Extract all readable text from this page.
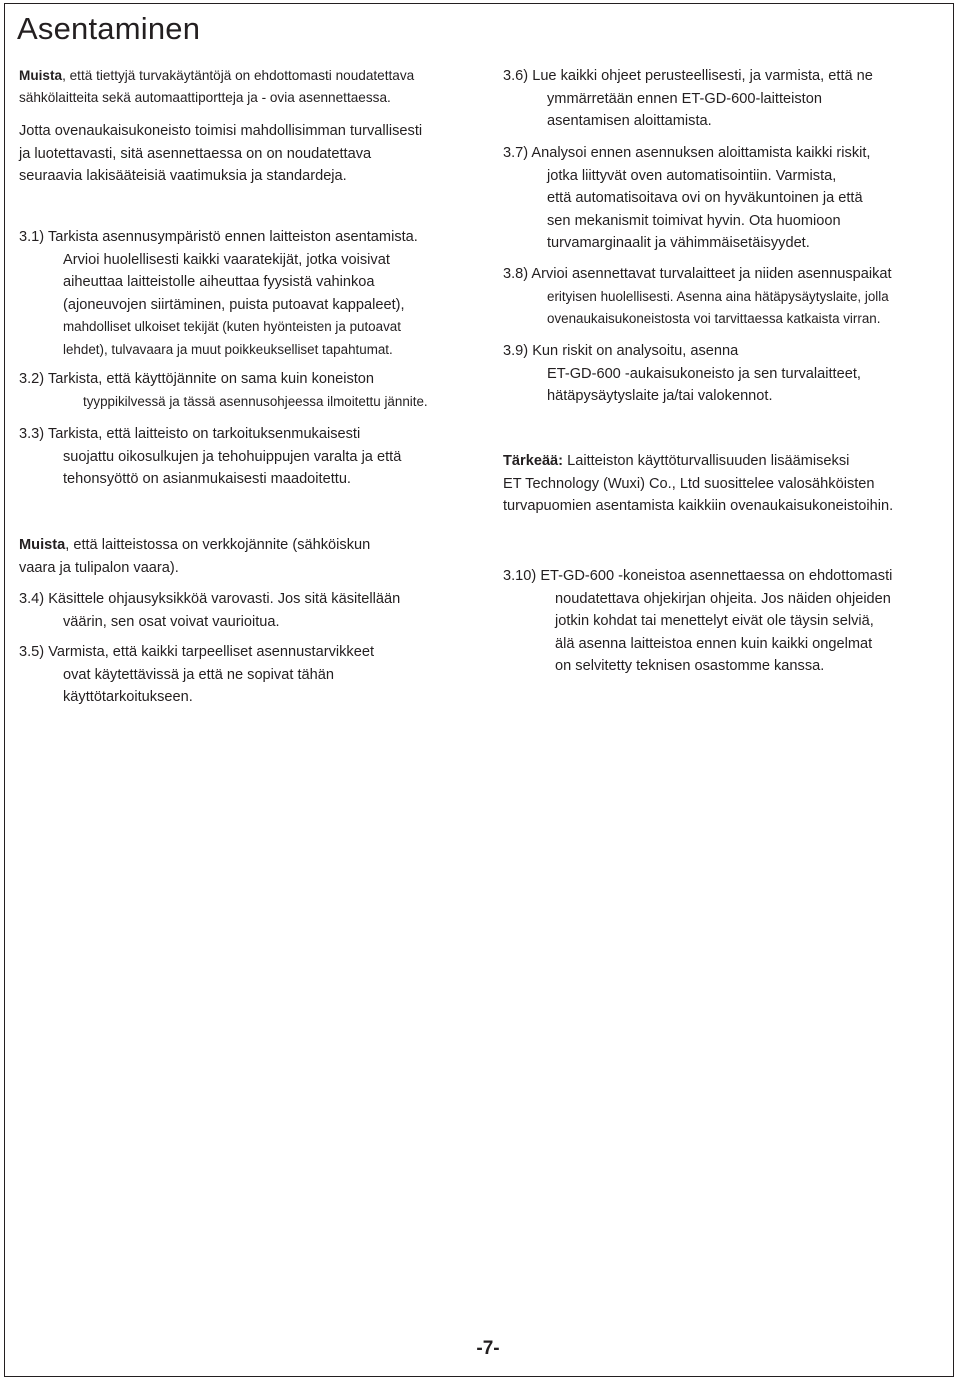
Asentaminen
Muista, että tiettyjä turvakäytäntöjä on ehdottomasti noudatettava
sähkölaitteita sekä automaattiportteja ja - ovia asennettaessa.
Jotta ovenaukaisukoneisto toimisi mahdollisimman turvallisesti
ja luotettavasti, sitä asennettaessa on on noudatettava
seuraavia lakisääteisiä vaatimuksia ja standardeja.
3.1) Tarkista asennusympäristö ennen laitteiston asentamista.
Arvioi huolellisesti kaikki vaaratekijät, jotka voisivat
aiheuttaa laitteistolle aiheuttaa fyysistä vahinkoa
(ajoneuvojen siirtäminen, puista putoavat kappaleet),
mahdolliset ulkoiset tekijät (kuten hyönteisten ja putoavat
lehdet), tulvavaara ja muut poikkeukselliset tapahtumat.
3.2) Tarkista, että käyttöjännite on sama kuin koneiston
tyyppikilvessä ja tässä asennusohjeessa ilmoitettu jännite.
3.3) Tarkista, että laitteisto on tarkoituksenmukaisesti
suojattu oikosulkujen ja tehohuippujen varalta ja että
tehonsyöttö on asianmukaisesti maadoitettu.
Muista, että laitteistossa on verkkojännite (sähköiskun
vaara ja tulipalon vaara).
3.4) Käsittele ohjausyksikköä varovasti. Jos sitä käsitellään
väärin, sen osat voivat vaurioitua.
3.5) Varmista, että kaikki tarpeelliset asennustarvikkeet
ovat käytettävissä ja että ne sopivat tähän
käyttötarkoitukseen.
3.6) Lue kaikki ohjeet perusteellisesti, ja varmista, että ne
ymmärretään ennen ET-GD-600-laitteiston
asentamisen aloittamista.
3.7) Analysoi ennen asennuksen aloittamista kaikki riskit,
jotka liittyvät oven automatisointiin. Varmista,
että automatisoitava ovi on hyväkuntoinen ja että
sen mekanismit toimivat hyvin. Ota huomioon
turvamarginaalit ja vähimmäisetäisyydet.
3.8) Arvioi asennettavat turvalaitteet ja niiden asennuspaikat
erityisen huolellisesti. Asenna aina hätäpysäytyslaite, jolla
ovenaukaisukoneistosta voi tarvittaessa katkaista virran.
3.9) Kun riskit on analysoitu, asenna
ET-GD-600 -aukaisukoneisto ja sen turvalaitteet,
hätäpysäytyslaite ja/tai valokennot.
Tärkeää: Laitteiston käyttöturvallisuuden lisäämiseksi
ET Technology (Wuxi) Co., Ltd suosittelee valosähköisten
turvapuomien asentamista kaikkiin ovenaukaisukoneistoihin.
3.10) ET-GD-600 -koneistoa asennettaessa on ehdottomasti
noudatettava ohjekirjan ohjeita. Jos näiden ohjeiden
jotkin kohdat tai menettelyt eivät ole täysin selviä,
älä asenna laitteistoa ennen kuin kaikki ongelmat
on selvitetty teknisen osastomme kanssa.
-7-
